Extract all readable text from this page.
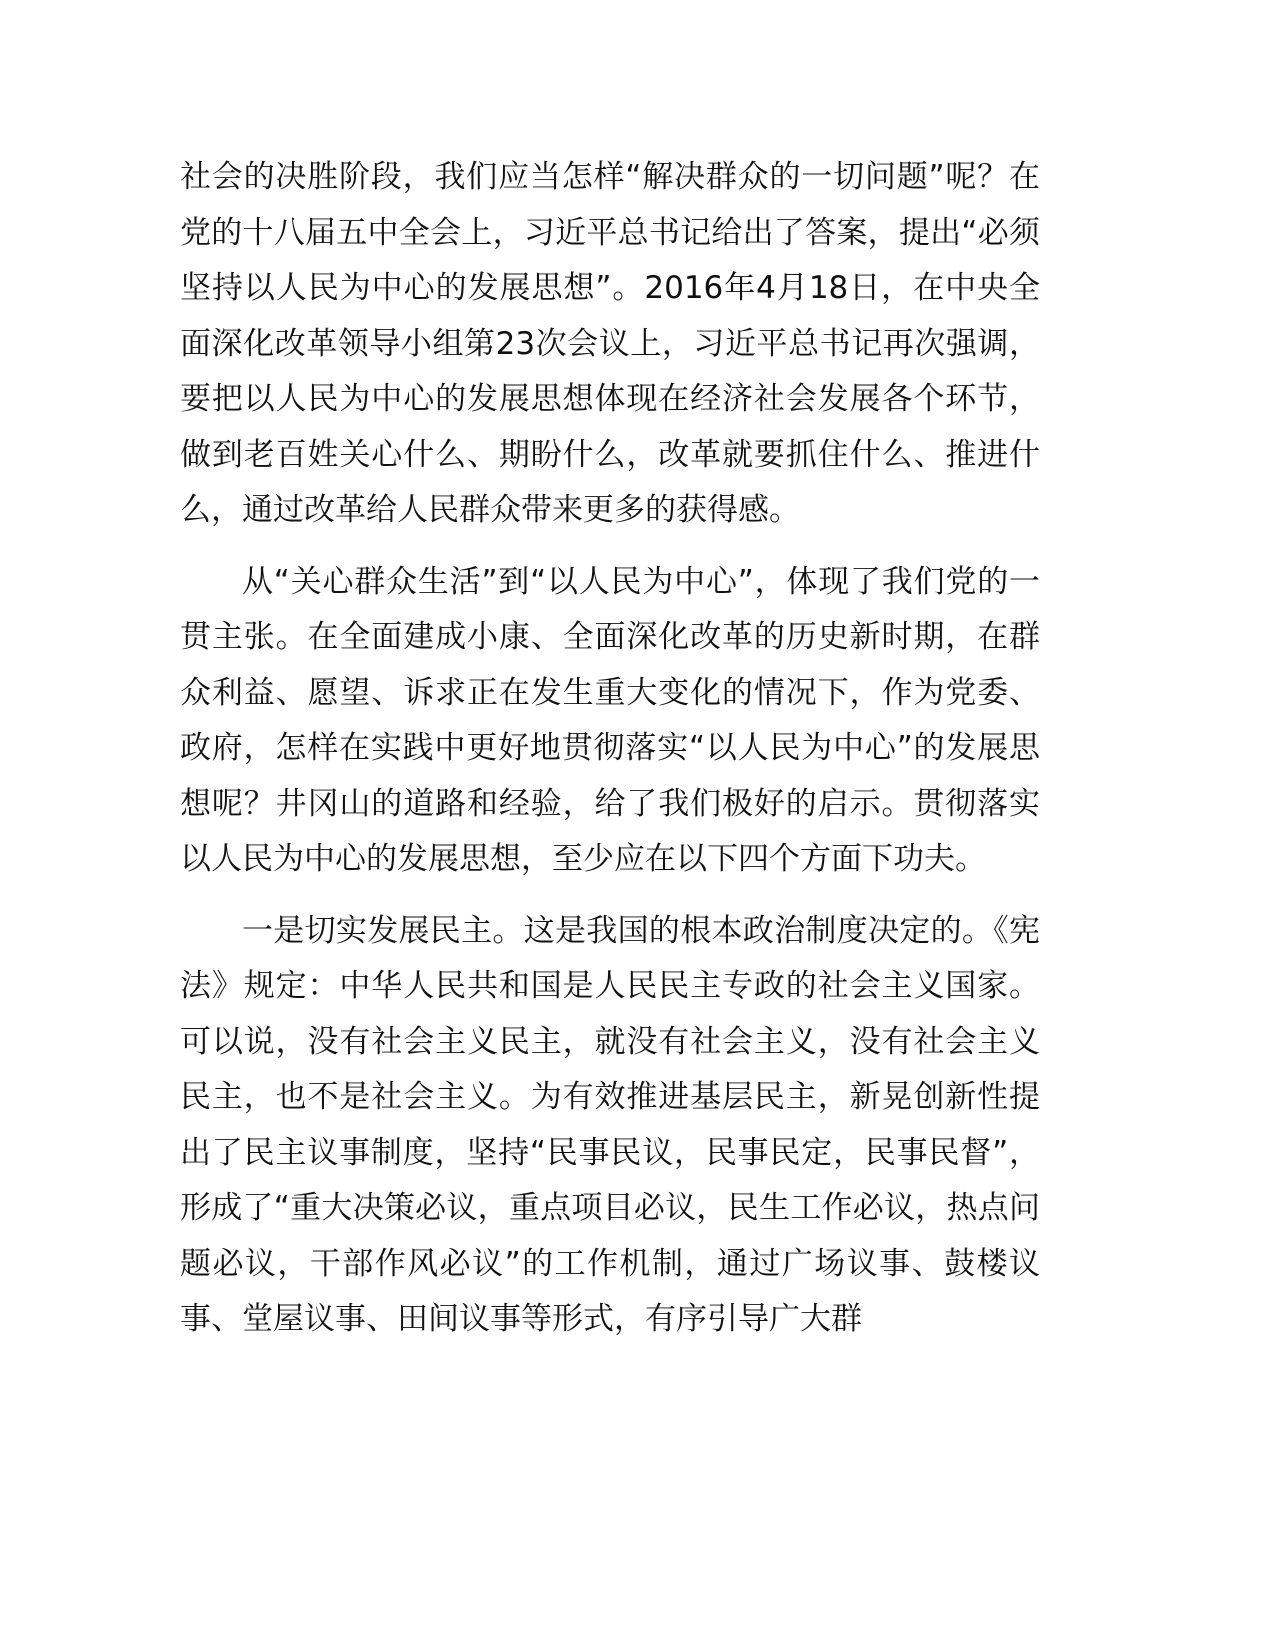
社会的决胜阶段，我们应当怎样“解决群众的一切问题”呢？在党的十八届五中全会上，习近平总书记给出了答案，提出“必须坚持以人民为中心的发展思想”。2016年4月18日，在中央全面深化改革领导小组第23次会议上，习近平总书记再次强调，要把以人民为中心的发展思想体现在经济社会发展各个环节，做到老百姓关心什么、期盼什么，改革就要抓住什么、推进什么，通过改革给人民群众带来更多的获得感。

从“关心群众生活”到“以人民为中心”，体现了我们党的一贯主张。在全面建成小康、全面深化改革的历史新时期，在群众利益、愿望、诉求正在发生重大变化的情况下，作为党委、政府，怎样在实践中更好地贯彻落实“以人民为中心”的发展思想呢？井冈山的道路和经验，给了我们极好的启示。贯彻落实以人民为中心的发展思想，至少应在以下四个方面下功夫。

一是切实发展民主。这是我国的根本政治制度决定的。《宪法》规定：中华人民共和国是人民民主专政的社会主义国家。可以说，没有社会主义民主，就没有社会主义，没有社会主义民主，也不是社会主义。为有效推进基层民主，新晃创新性提出了民主议事制度，坚持“民事民议，民事民定，民事民督”，形成了“重大决策必议，重点项目必议，民生工作必议，热点问题必议，干部作风必议”的工作机制，通过广场议事、鼓楼议事、堂屋议事、田间议事等形式，有序引导广大群
